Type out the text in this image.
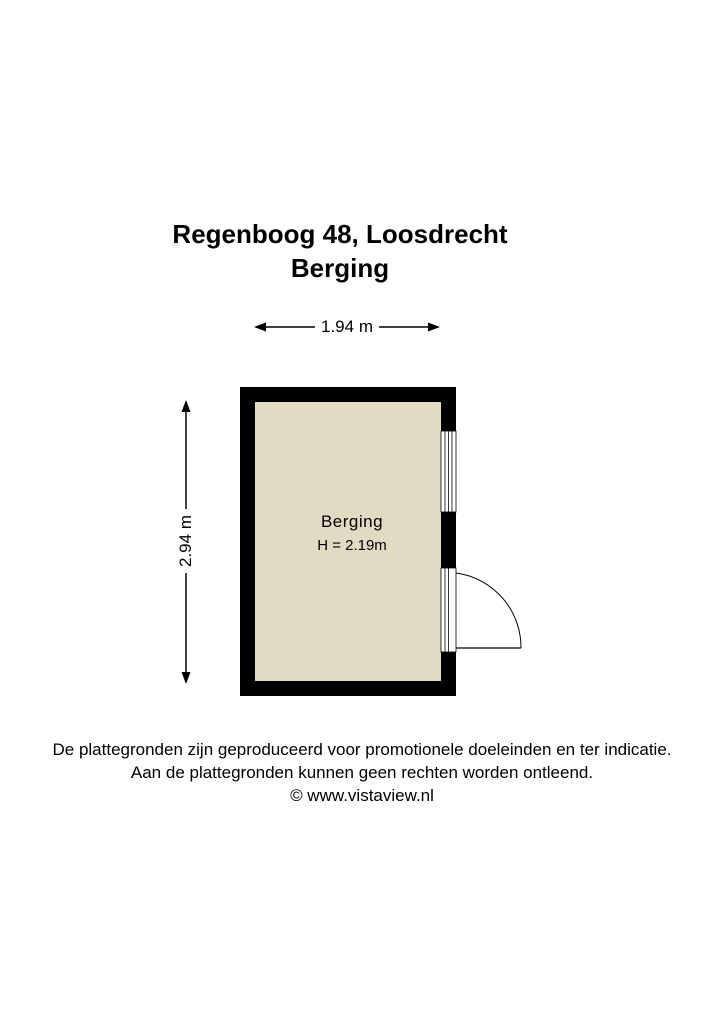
Regenboog 48, Loosdrecht
Berging
1.94 m
2.94 m	Berging
H = 2.19m
De plattegronden zijn geproduceerd voor promotionele doeleinden en ter indicatie.
Aan de plattegronden kunnen geen rechten worden ontleend.
© www.vistaview.nl
